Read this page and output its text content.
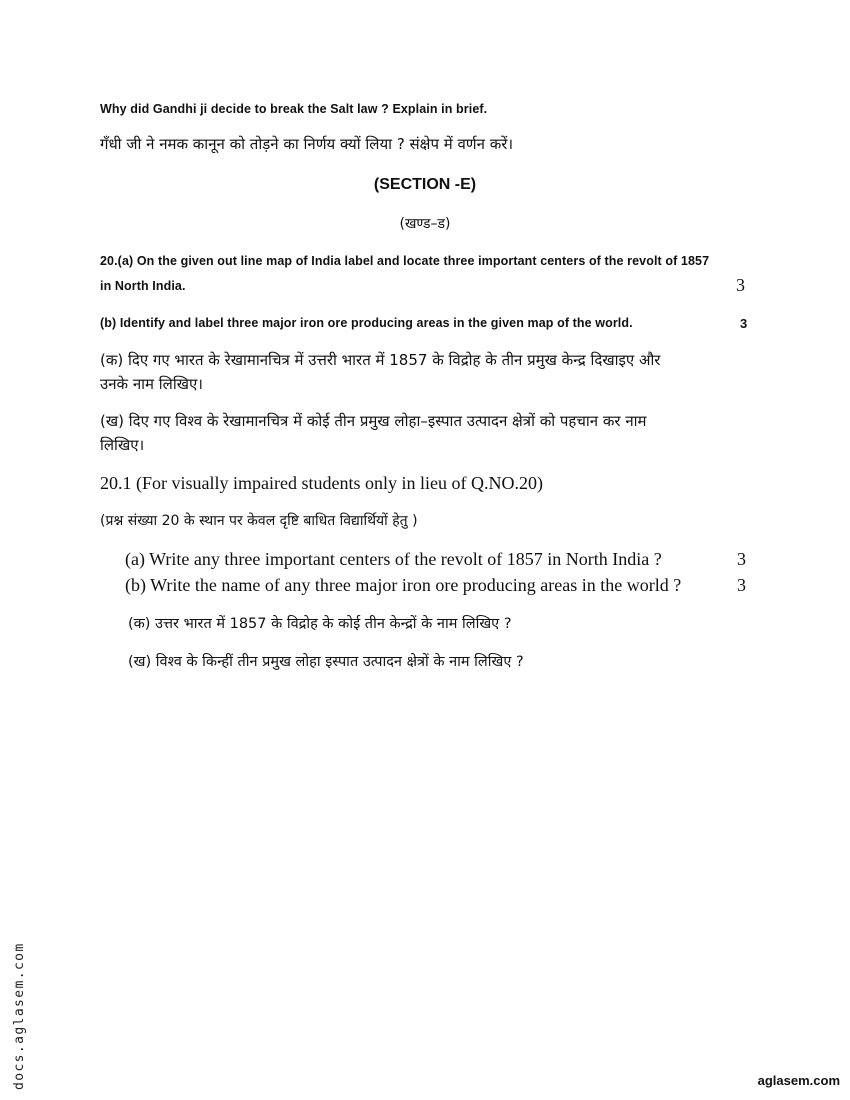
Why did Gandhi ji decide to break the Salt law ? Explain in brief.
गँधी जी ने नमक कानून को तोड़ने का निर्णय क्यों लिया ? संक्षेप में वर्णन करें।
(SECTION -E)
(खण्ड–ड)
20.(a) On the given out line map of India label and locate three important centers of the revolt of 1857
in North India.	3
(b) Identify and label three major iron ore producing areas in the given map of the world.	3
(क) दिए गए भारत के रेखामानचित्र में उत्तरी भारत में 1857 के विद्रोह के तीन प्रमुख केन्द्र दिखाइए और
उनके नाम लिखिए।
(ख) दिए गए विश्व के रेखामानचित्र में कोई तीन प्रमुख लोहा–इस्पात उत्पादन क्षेत्रों को पहचान कर नाम
लिखिए।
20.1 (For visually impaired students only in lieu of Q.NO.20)
(प्रश्न संख्या 20 के स्थान पर केवल दृष्टि बाधित विद्यार्थियों हेतु )
(a) Write any three important centers of the revolt of 1857 in North India ?	3
(b) Write the name of any three major iron ore producing areas in the world ?	3
(क) उत्तर भारत में 1857 के विद्रोह के कोई तीन केन्द्रों के नाम लिखिए ?
(ख) विश्व के किन्हीं तीन प्रमुख लोहा इस्पात उत्पादन क्षेत्रों के नाम लिखिए ?
docs.aglasem.com	aglasem.com
